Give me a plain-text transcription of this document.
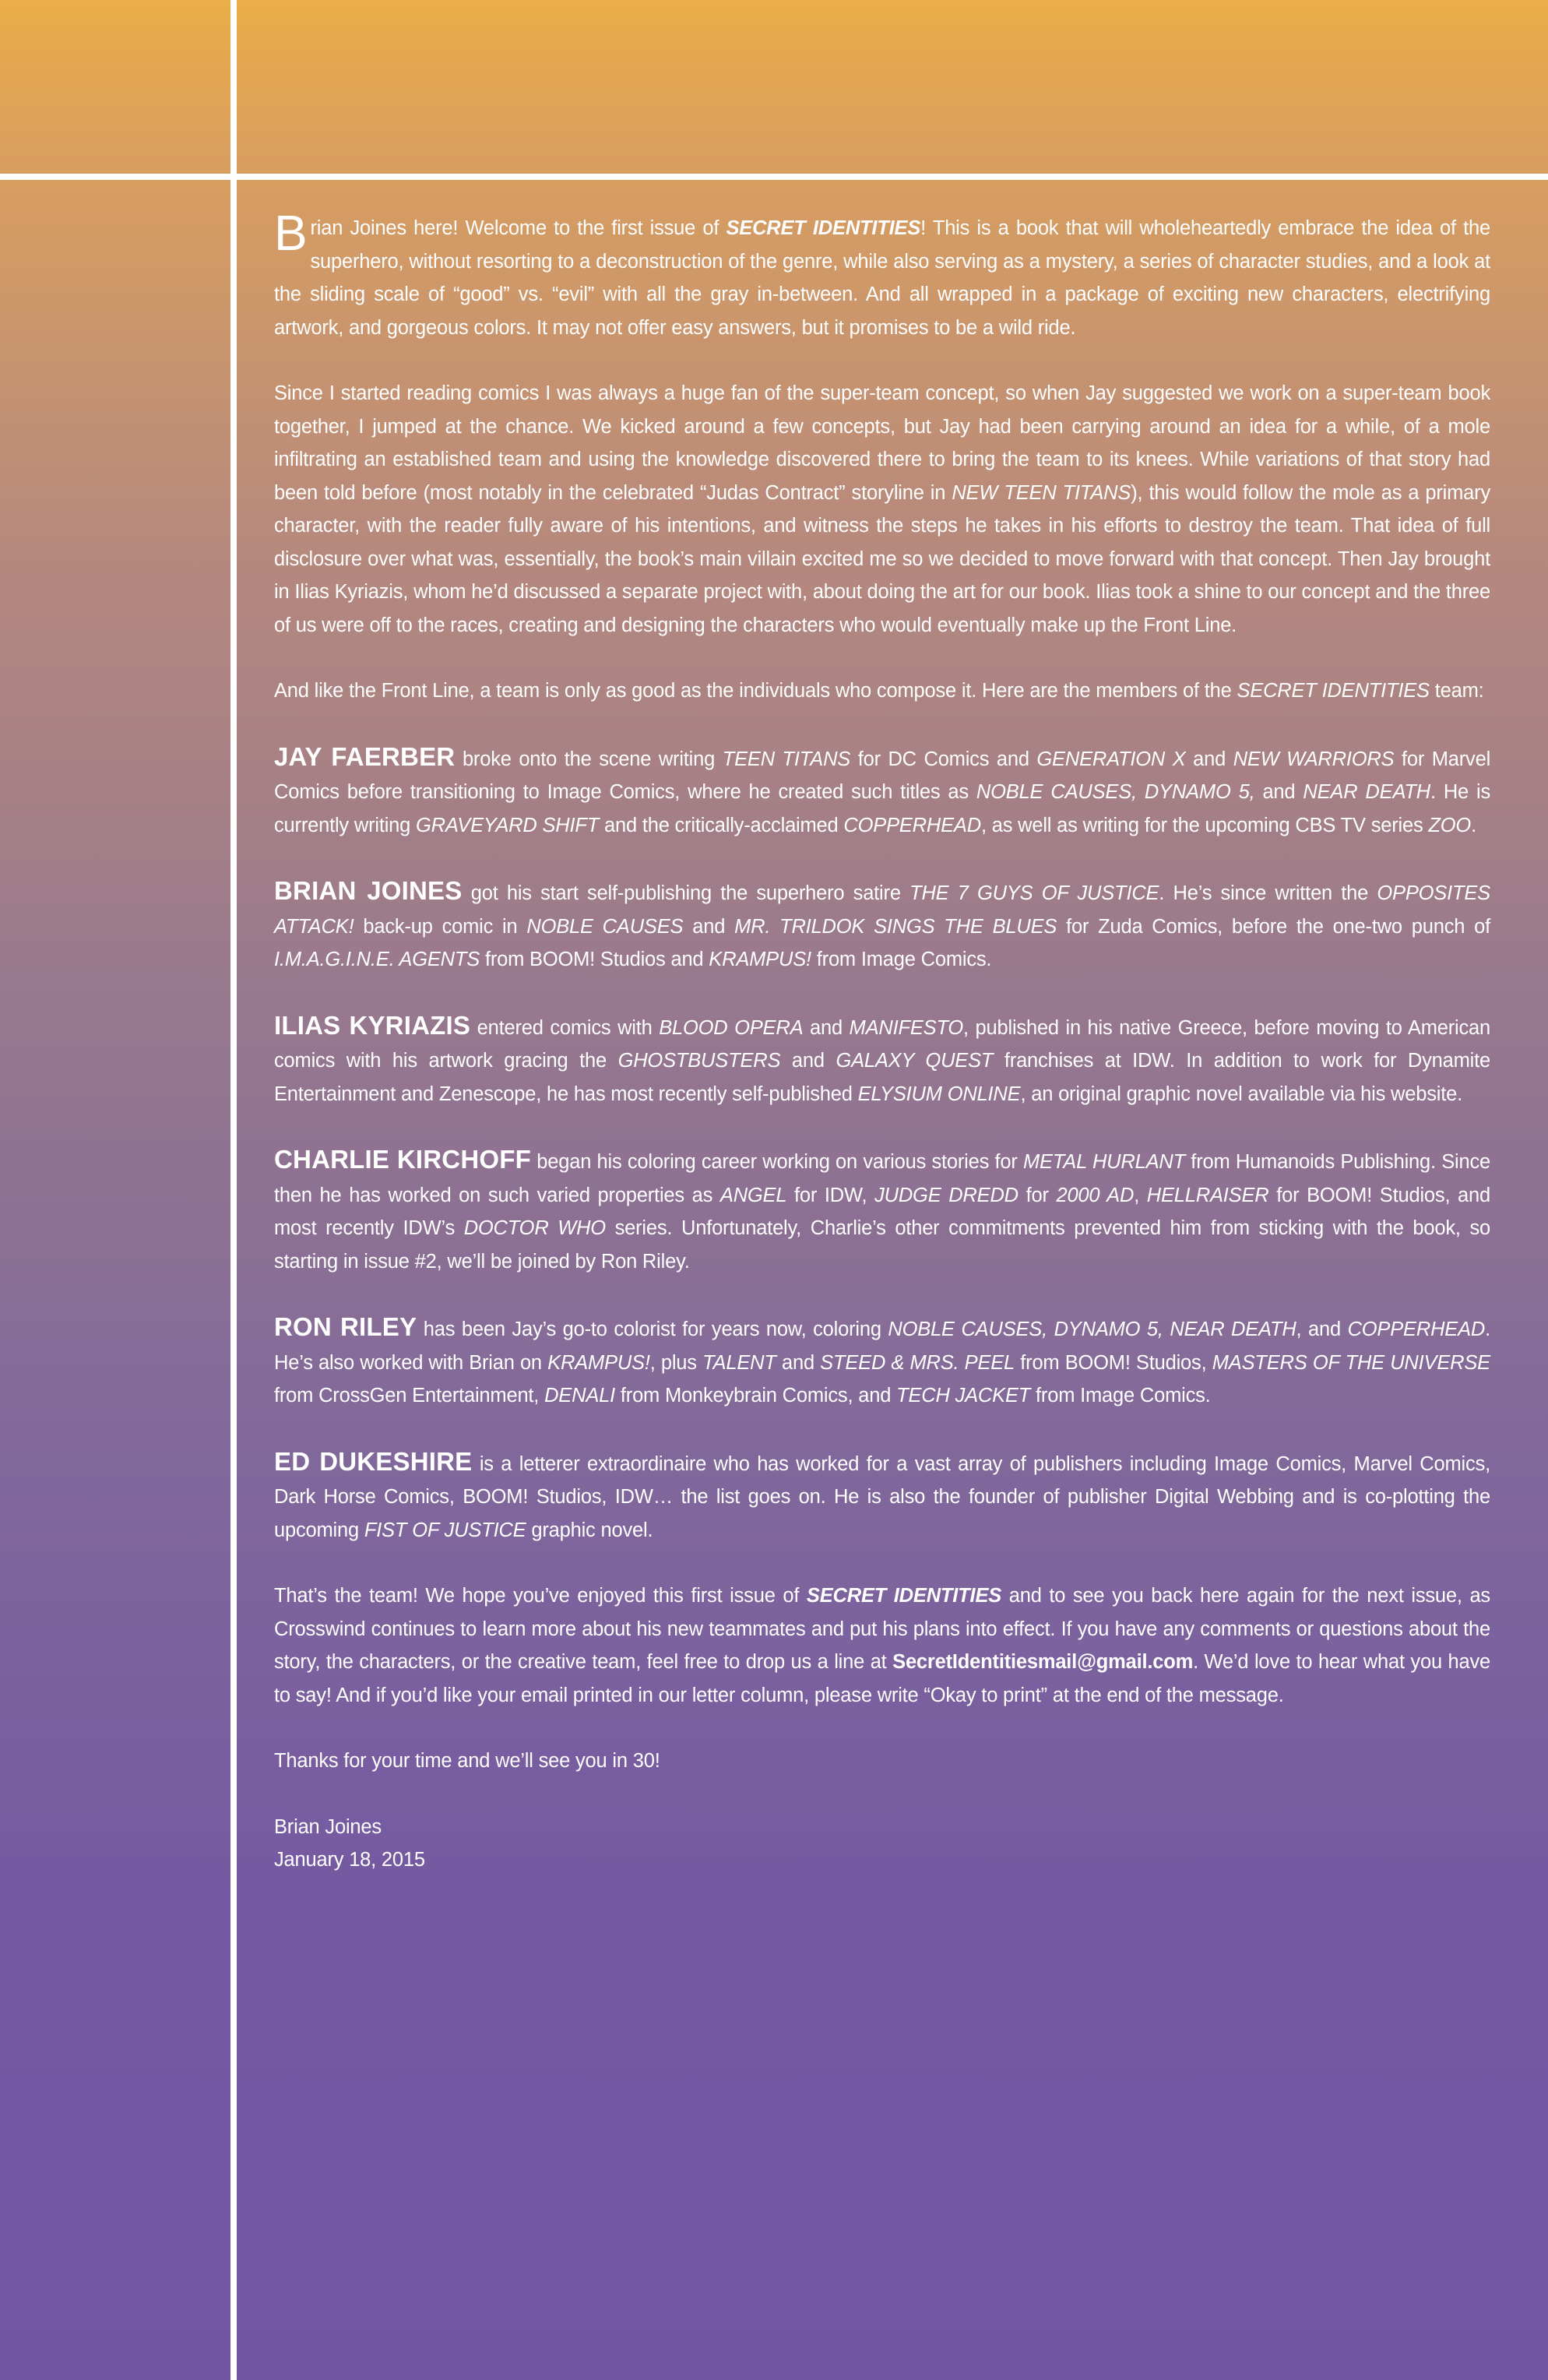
Brian Joines here! Welcome to the first issue of SECRET IDENTITIES! This is a book that will wholeheartedly embrace the idea of the superhero, without resorting to a deconstruction of the genre, while also serving as a mystery, a series of character studies, and a look at the sliding scale of “good” vs. “evil” with all the gray in-between. And all wrapped in a package of exciting new characters, electrifying artwork, and gorgeous colors. It may not offer easy answers, but it promises to be a wild ride.

Since I started reading comics I was always a huge fan of the super-team concept, so when Jay suggested we work on a super-team book together, I jumped at the chance. We kicked around a few concepts, but Jay had been carrying around an idea for a while, of a mole infiltrating an established team and using the knowledge discovered there to bring the team to its knees. While variations of that story had been told before (most notably in the celebrated “Judas Contract” storyline in NEW TEEN TITANS), this would follow the mole as a primary character, with the reader fully aware of his intentions, and witness the steps he takes in his efforts to destroy the team. That idea of full disclosure over what was, essentially, the book’s main villain excited me so we decided to move forward with that concept. Then Jay brought in Ilias Kyriazis, whom he’d discussed a separate project with, about doing the art for our book. Ilias took a shine to our concept and the three of us were off to the races, creating and designing the characters who would eventually make up the Front Line.

And like the Front Line, a team is only as good as the individuals who compose it. Here are the members of the SECRET IDENTITIES team:

JAY FAERBER broke onto the scene writing TEEN TITANS for DC Comics and GENERATION X and NEW WARRIORS for Marvel Comics before transitioning to Image Comics, where he created such titles as NOBLE CAUSES, DYNAMO 5, and NEAR DEATH. He is currently writing GRAVEYARD SHIFT and the critically-acclaimed COPPERHEAD, as well as writing for the upcoming CBS TV series ZOO.

BRIAN JOINES got his start self-publishing the superhero satire THE 7 GUYS OF JUSTICE. He’s since written the OPPOSITES ATTACK! back-up comic in NOBLE CAUSES and MR. TRILDOK SINGS THE BLUES for Zuda Comics, before the one-two punch of I.M.A.G.I.N.E. AGENTS from BOOM! Studios and KRAMPUS! from Image Comics.

ILIAS KYRIAZIS entered comics with BLOOD OPERA and MANIFESTO, published in his native Greece, before moving to American comics with his artwork gracing the GHOSTBUSTERS and GALAXY QUEST franchises at IDW. In addition to work for Dynamite Entertainment and Zenescope, he has most recently self-published ELYSIUM ONLINE, an original graphic novel available via his website.

CHARLIE KIRCHOFF began his coloring career working on various stories for METAL HURLANT from Humanoids Publishing. Since then he has worked on such varied properties as ANGEL for IDW, JUDGE DREDD for 2000 AD, HELLRAISER for BOOM! Studios, and most recently IDW’s DOCTOR WHO series. Unfortunately, Charlie’s other commitments prevented him from sticking with the book, so starting in issue #2, we’ll be joined by Ron Riley.

RON RILEY has been Jay’s go-to colorist for years now, coloring NOBLE CAUSES, DYNAMO 5, NEAR DEATH, and COPPERHEAD. He’s also worked with Brian on KRAMPUS!, plus TALENT and STEED & MRS. PEEL from BOOM! Studios, MASTERS OF THE UNIVERSE from CrossGen Entertainment, DENALI from Monkeybrain Comics, and TECH JACKET from Image Comics.

ED DUKESHIRE is a letterer extraordinaire who has worked for a vast array of publishers including Image Comics, Marvel Comics, Dark Horse Comics, BOOM! Studios, IDW… the list goes on. He is also the founder of publisher Digital Webbing and is co-plotting the upcoming FIST OF JUSTICE graphic novel.

That’s the team! We hope you’ve enjoyed this first issue of SECRET IDENTITIES and to see you back here again for the next issue, as Crosswind continues to learn more about his new teammates and put his plans into effect. If you have any comments or questions about the story, the characters, or the creative team, feel free to drop us a line at SecretIdentitiesmail@gmail.com. We’d love to hear what you have to say! And if you’d like your email printed in our letter column, please write “Okay to print” at the end of the message.

Thanks for your time and we’ll see you in 30!

Brian Joines
January 18, 2015
